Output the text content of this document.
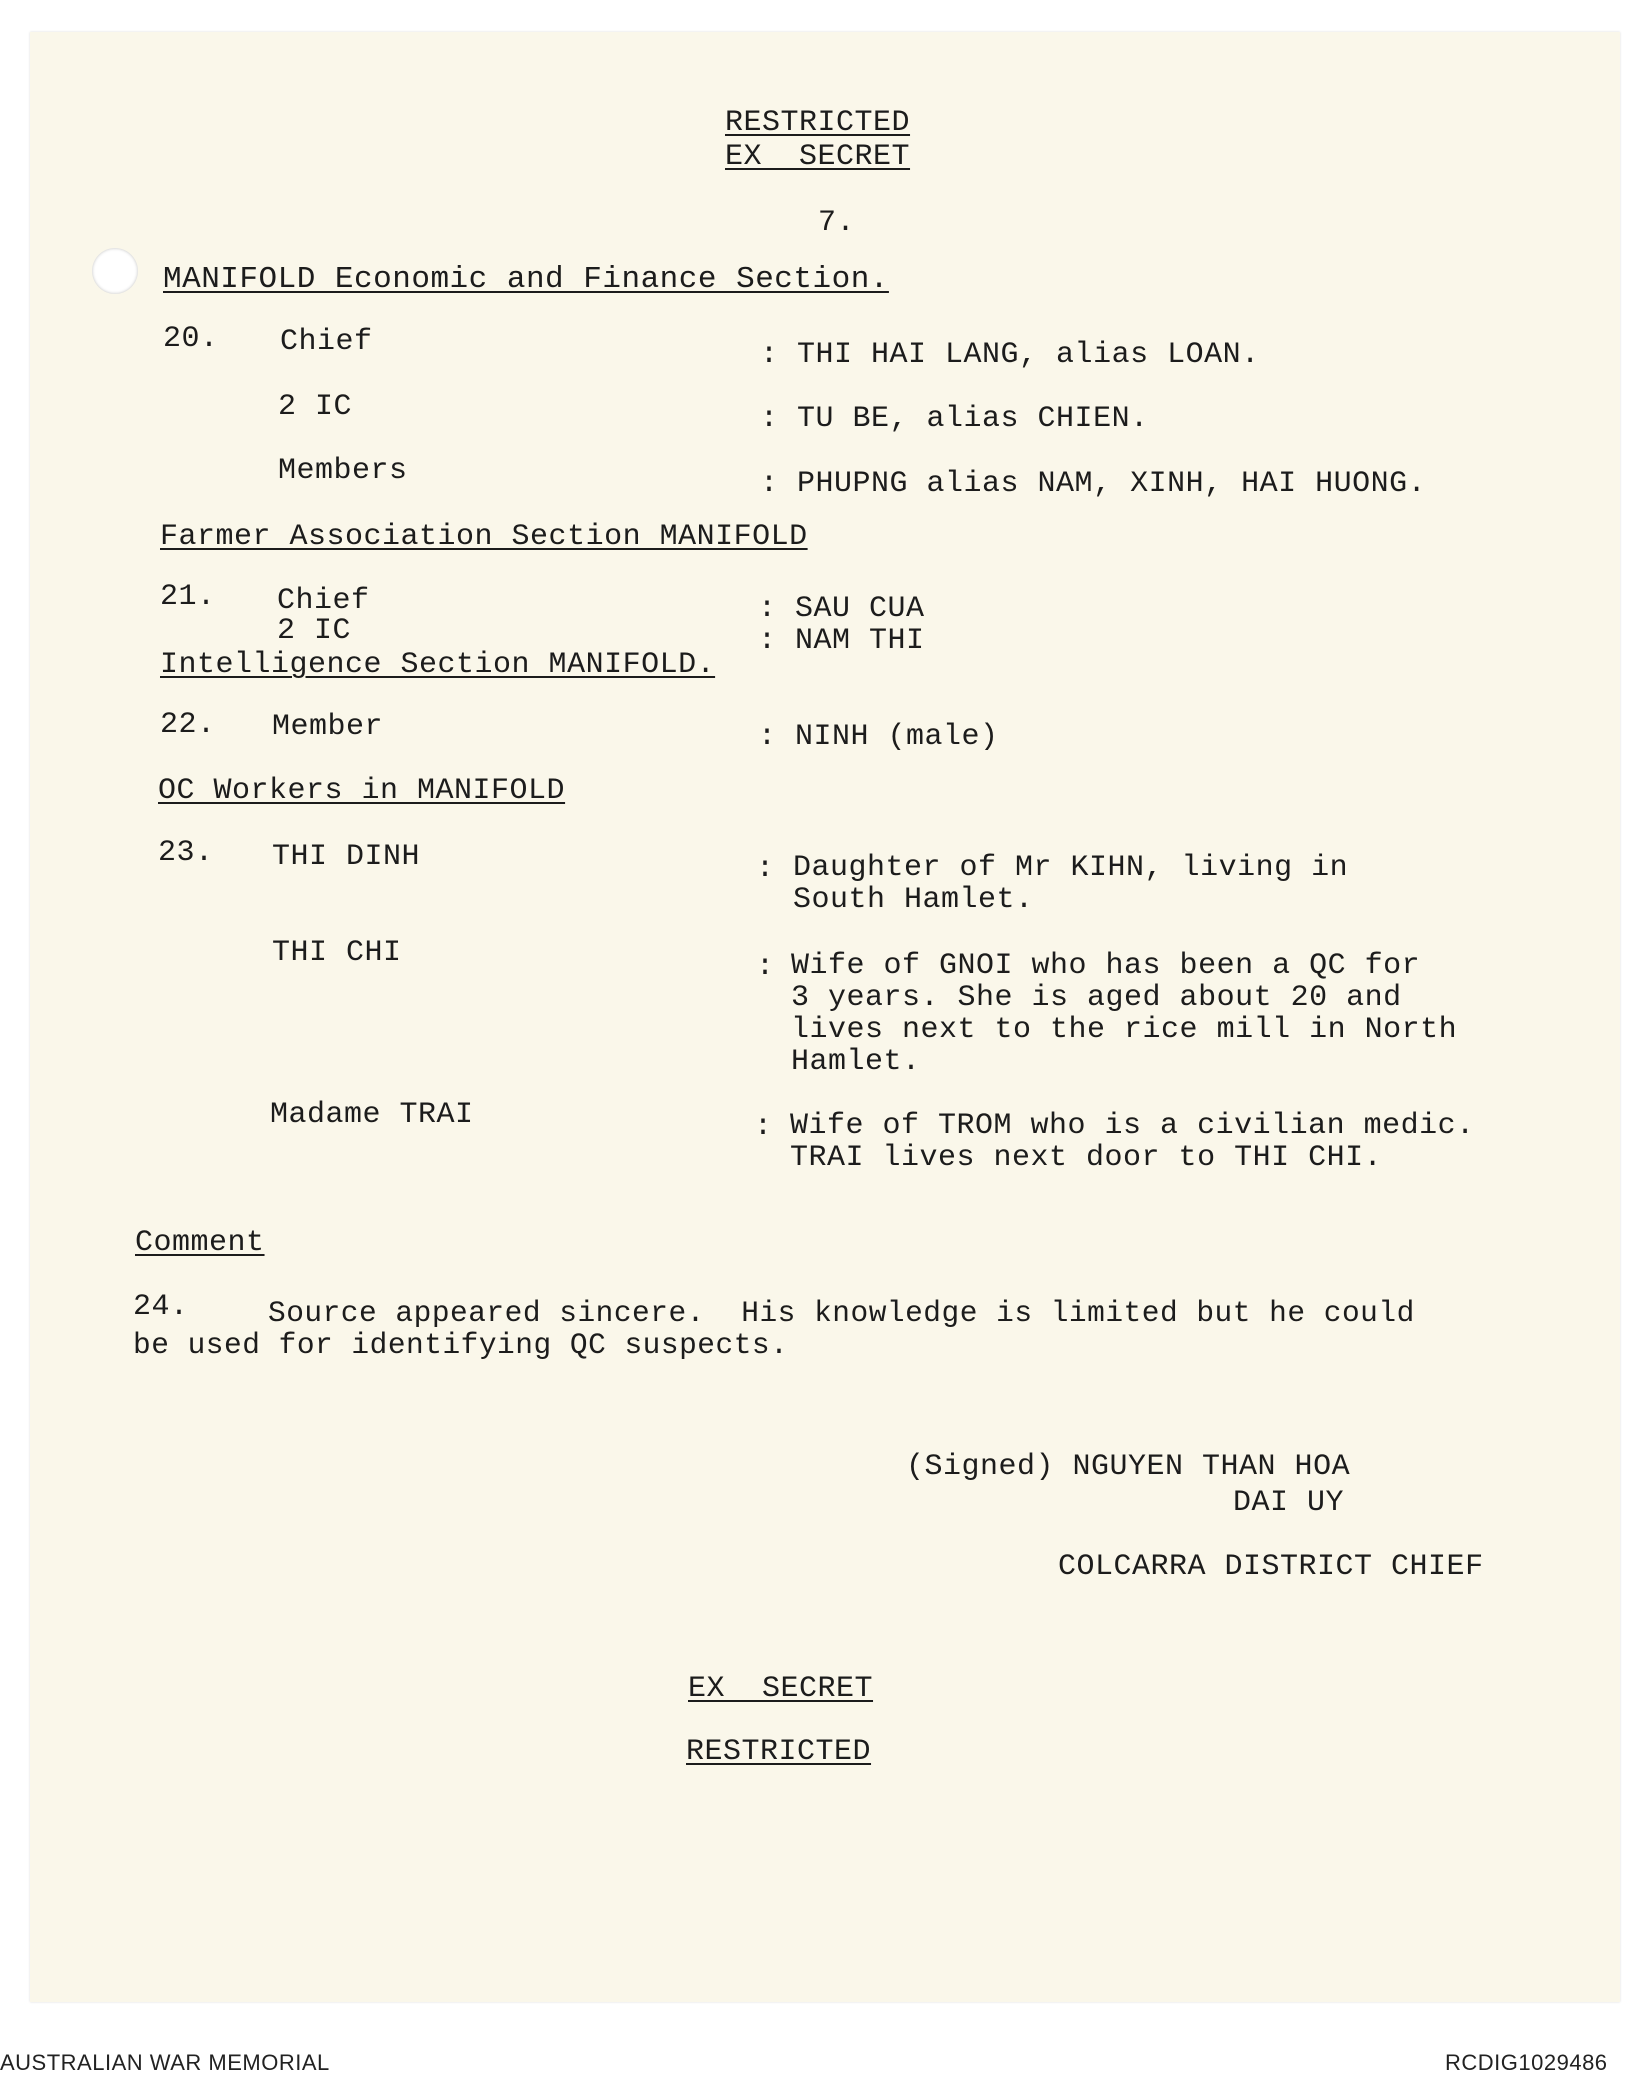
RESTRICTED
EX  SECRET
7.
MANIFOLD Economic and Finance Section.
20. Chief	: THI HAI LANG, alias LOAN.
2 IC	: TU BE, alias CHIEN.
Members	: PHUPNG alias NAM, XINH, HAI HUONG.
Farmer Association Section MANIFOLD
21. Chief	: SAU CUA
2 IC	: NAM THI
Intelligence Section MANIFOLD.
22. Member	: NINH (male)
OC Workers in MANIFOLD
23. THI DINH	: Daughter of Mr KIHN, living in
South Hamlet.
THI CHI	: Wife of GNOI who has been a QC for
3 years. She is aged about 20 and
lives next to the rice mill in North
Hamlet.
Madame TRAI	: Wife of TROM who is a civilian medic.
TRAI lives next door to THI CHI.
Comment
24.	Source appeared sincere.  His knowledge is limited but he could
be used for identifying QC suspects.
(Signed) NGUYEN THAN HOA
DAI UY
COLCARRA DISTRICT CHIEF
EX  SECRET
RESTRICTED
AUSTRALIAN WAR MEMORIAL	RCDIG1029486
